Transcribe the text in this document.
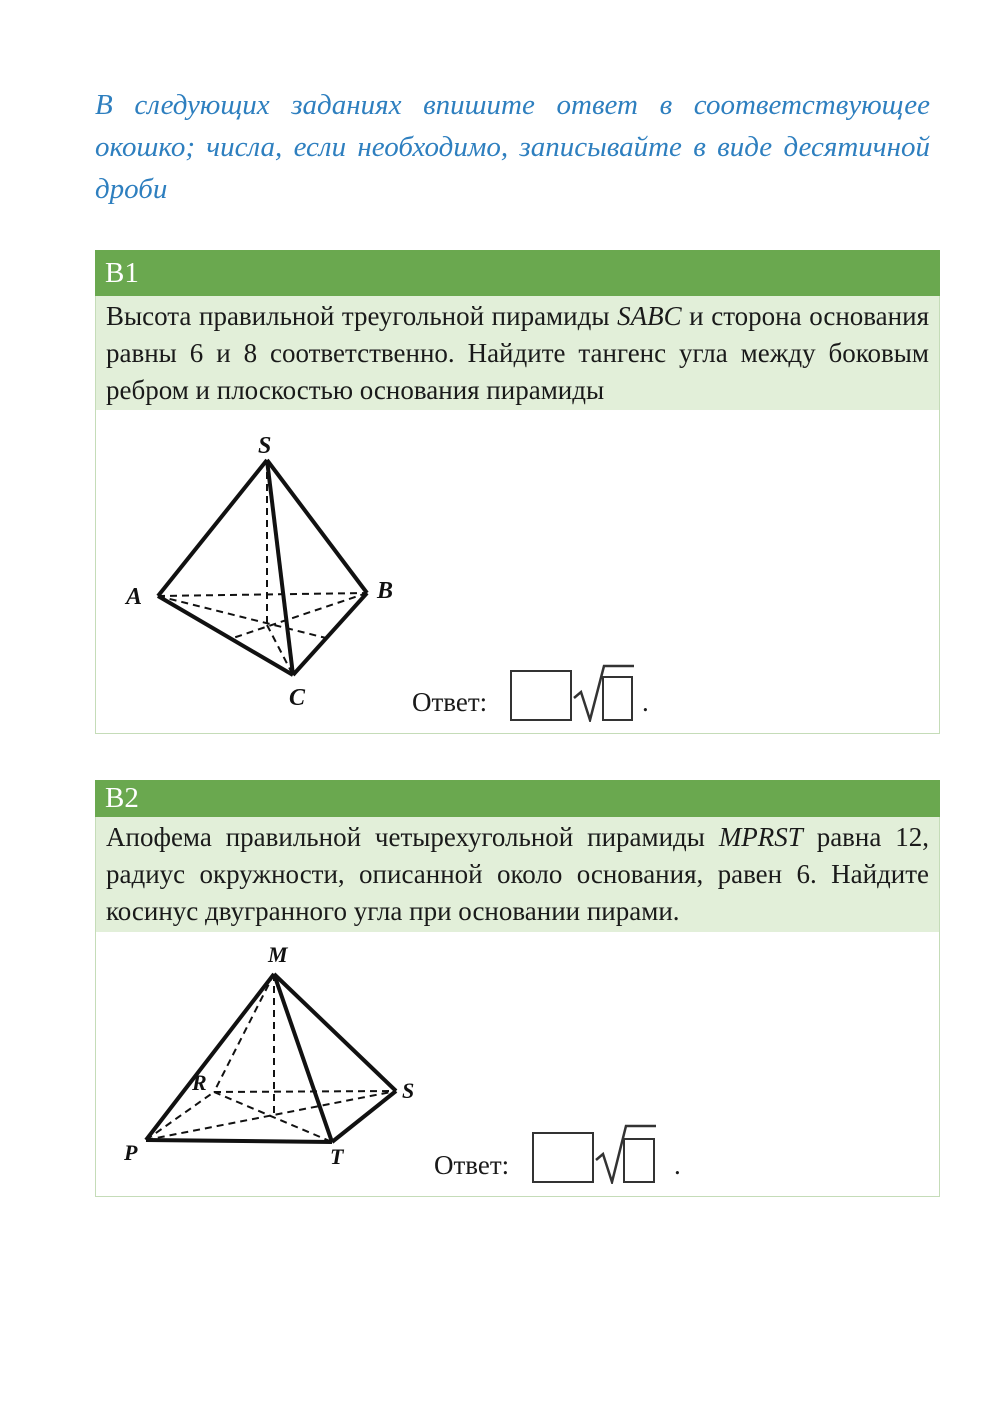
В следующих заданиях впишите ответ в соответствующее окошко; числа, если необходимо, записывайте в виде десятичной дроби

B1
Высота правильной треугольной пирамиды SABC и сторона основания равны 6 и 8 соответственно. Найдите тангенс угла между боковым ребром и плоскостью основания пирамиды
S
A	B
C	Ответ:	.
B2
Апофема правильной четырехугольной пирамиды MPRST равна 12, радиус окружности, описанной около основания, равен 6. Найдите косинус двугранного угла при основании пирами.
M
R	S
P	T	Ответ:	.
